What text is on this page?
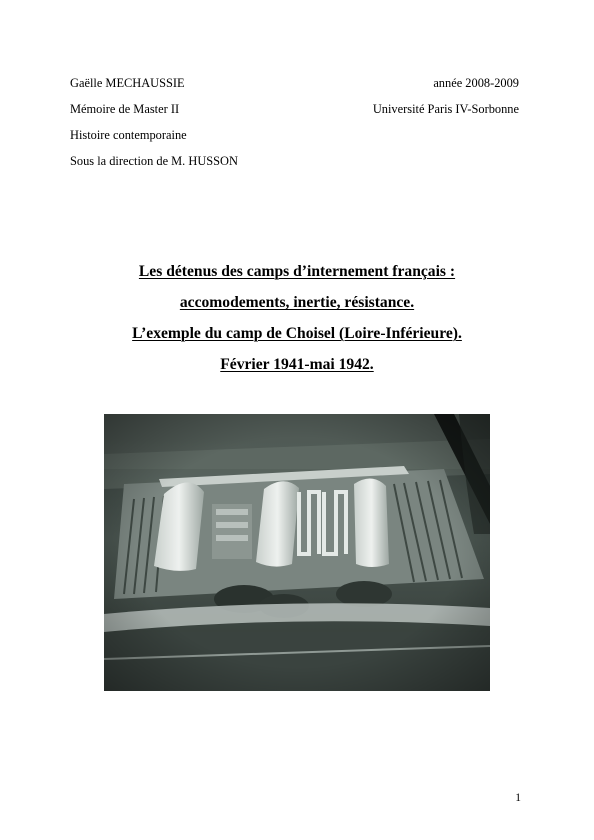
Gaëlle MECHAUSSIE
Mémoire de Master II
Histoire contemporaine
Sous la direction de M. HUSSON
année 2008-2009
Université Paris IV-Sorbonne
Les détenus des camps d’internement français :
accomodements, inertie, résistance.
L’exemple du camp de Choisel (Loire-Inférieure).
Février 1941-mai 1942.
1
